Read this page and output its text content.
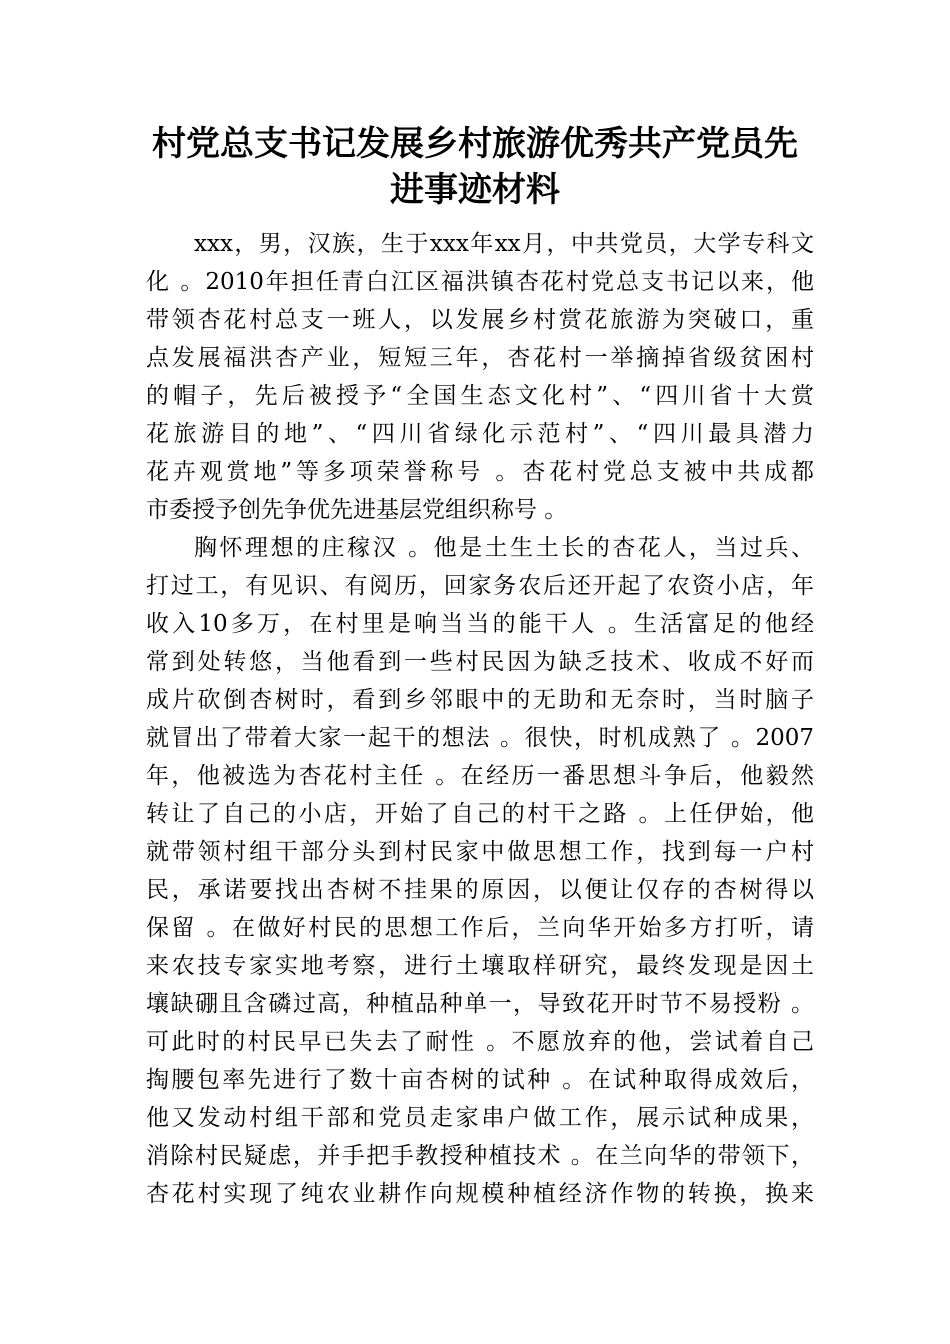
村党总支书记发展乡村旅游优秀共产党员先
进事迹材料

xxx，男，汉族，生于xxx年xx月，中共党员，大学专科文

化 。2010年担任青白江区福洪镇杏花村党总支书记以来，他

带领杏花村总支一班人，以发展乡村赏花旅游为突破口，重

点发展福洪杏产业，短短三年，杏花村一举摘掉省级贫困村

的帽子，先后被授予“全国生态文化村”、“四川省十大赏

花旅游目的地”、“四川省绿化示范村”、“四川最具潜力

花卉观赏地”等多项荣誉称号 。杏花村党总支被中共成都

市委授予创先争优先进基层党组织称号 。

胸怀理想的庄稼汉 。他是土生土长的杏花人，当过兵、

打过工，有见识、有阅历，回家务农后还开起了农资小店，年

收入10多万，在村里是响当当的能干人 。生活富足的他经

常到处转悠，当他看到一些村民因为缺乏技术、收成不好而

成片砍倒杏树时，看到乡邻眼中的无助和无奈时，当时脑子

就冒出了带着大家一起干的想法 。很快，时机成熟了 。2007

年，他被选为杏花村主任 。在经历一番思想斗争后，他毅然

转让了自己的小店，开始了自己的村干之路 。上任伊始，他

就带领村组干部分头到村民家中做思想工作，找到每一户村

民，承诺要找出杏树不挂果的原因，以便让仅存的杏树得以

保留 。在做好村民的思想工作后，兰向华开始多方打听，请

来农技专家实地考察，进行土壤取样研究，最终发现是因土

壤缺硼且含磷过高，种植品种单一，导致花开时节不易授粉 。

可此时的村民早已失去了耐性 。不愿放弃的他，尝试着自己

掏腰包率先进行了数十亩杏树的试种 。在试种取得成效后，

他又发动村组干部和党员走家串户做工作，展示试种成果，

消除村民疑虑，并手把手教授种植技术 。在兰向华的带领下，

杏花村实现了纯农业耕作向规模种植经济作物的转换，换来
